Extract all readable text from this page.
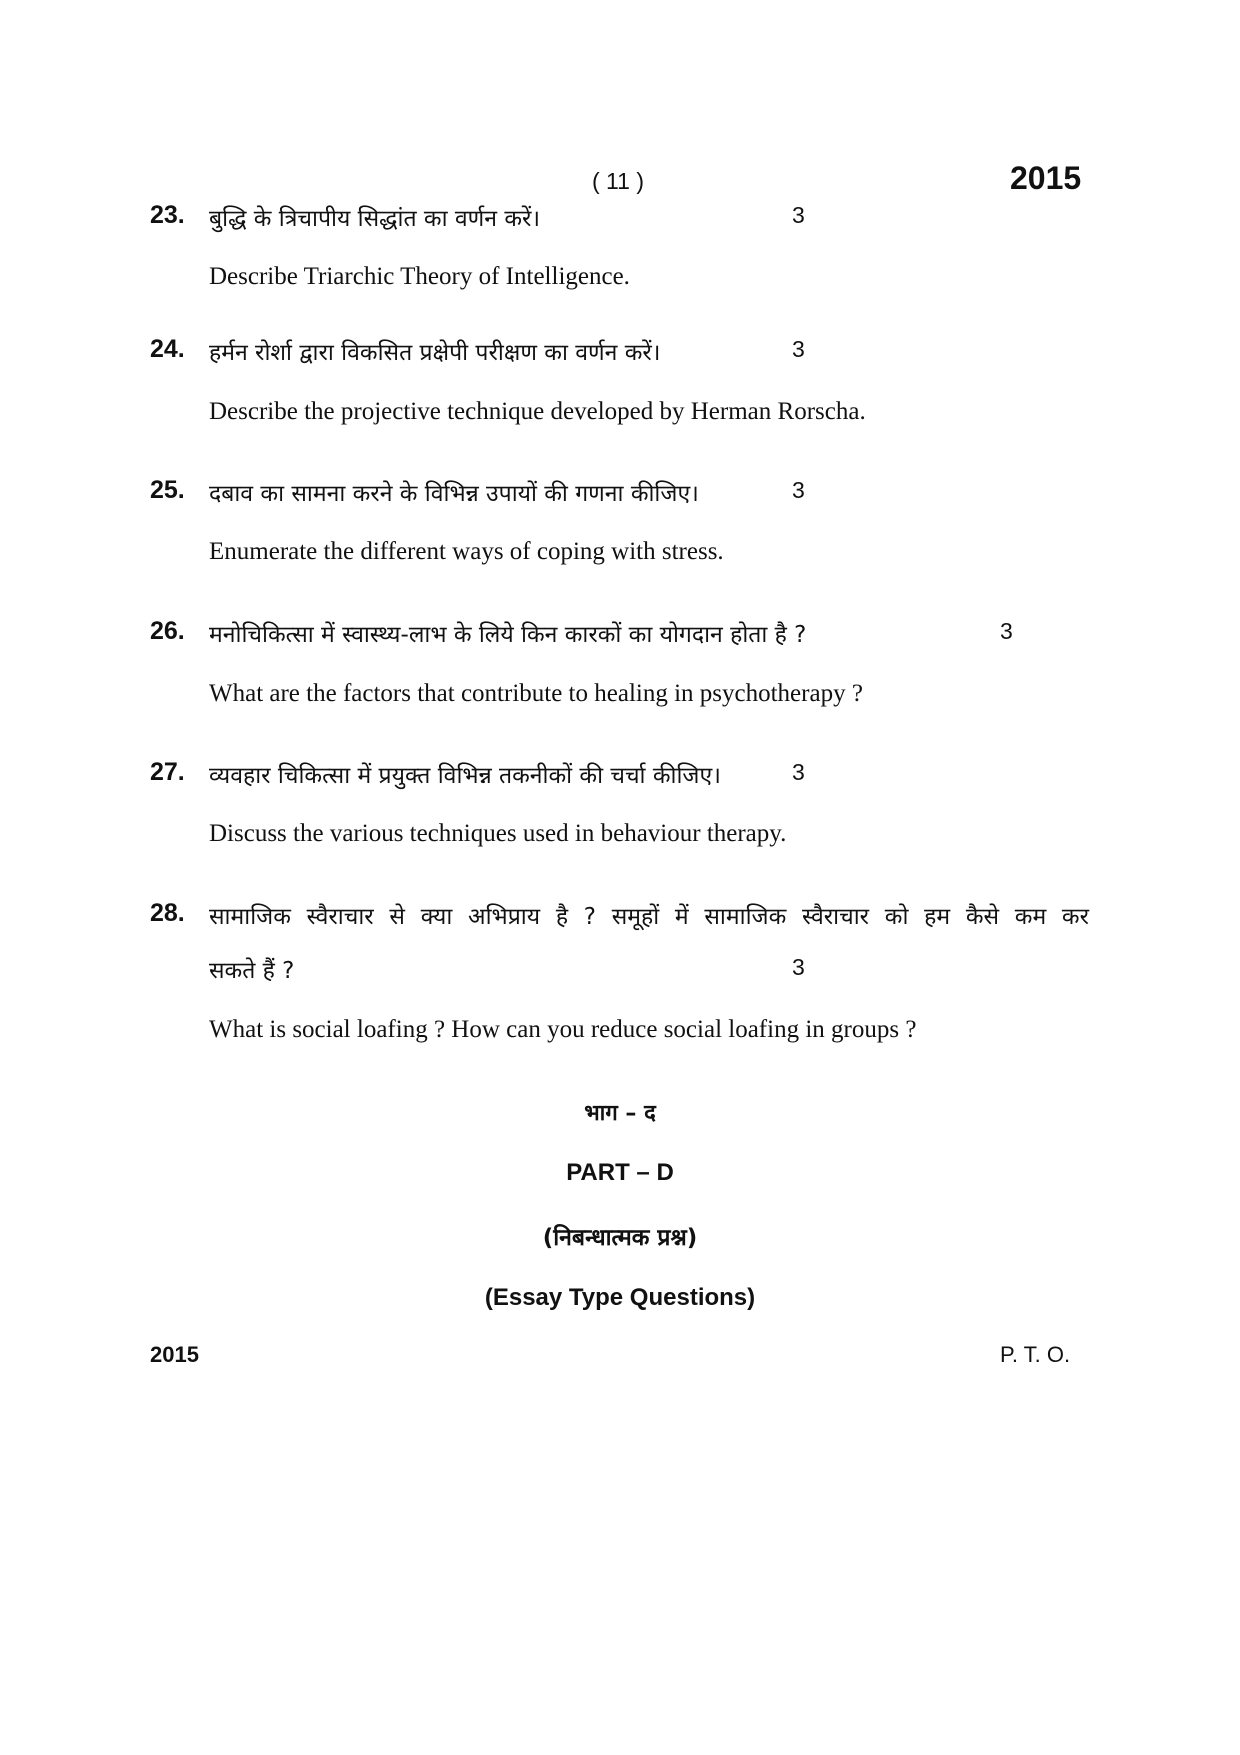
( 11 )	2015
23. बुद्धि के त्रिचापीय सिद्धांत का वर्णन करें।	3
Describe Triarchic Theory of Intelligence.
24. हर्मन रोर्शा द्वारा विकसित प्रक्षेपी परीक्षण का वर्णन करें।	3
Describe the projective technique developed by Herman Rorscha.
25. दबाव का सामना करने के विभिन्न उपायों की गणना कीजिए।	3
Enumerate the different ways of coping with stress.
26. मनोचिकित्सा में स्वास्थ्य-लाभ के लिये किन कारकों का योगदान होता है ?	3
What are the factors that contribute to healing in psychotherapy ?
27. व्यवहार चिकित्सा में प्रयुक्त विभिन्न तकनीकों की चर्चा कीजिए।	3
Discuss the various techniques used in behaviour therapy.
28. सामाजिक स्वैराचार से क्या अभिप्राय है ? समूहों में सामाजिक स्वैराचार को हम कैसे कम कर
सकते हैं ?	3
What is social loafing ? How can you reduce social loafing in groups ?
भाग – द
PART – D
(निबन्धात्मक प्रश्न)
(Essay Type Questions)
2015	P. T. O.
